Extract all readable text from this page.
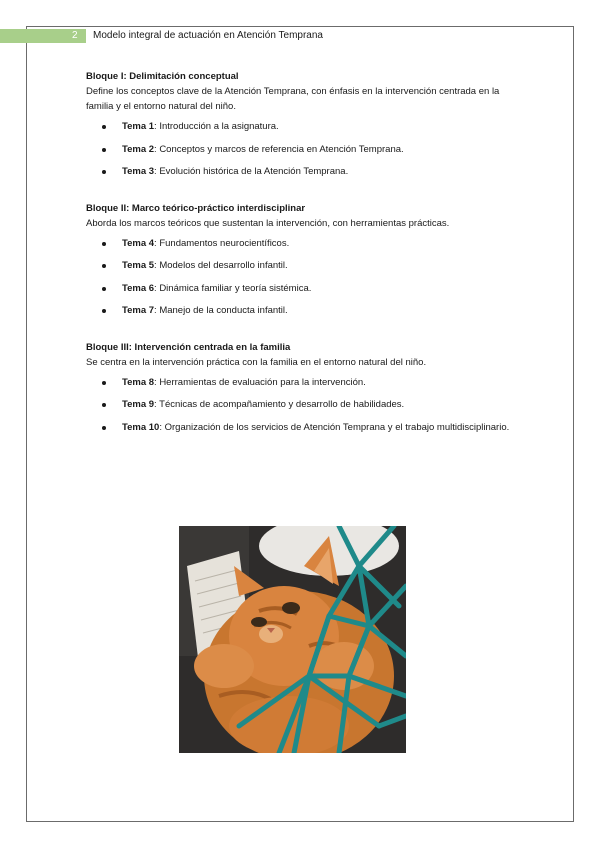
2 Modelo integral de actuación en Atención Temprana
Bloque I: Delimitación conceptual

Define los conceptos clave de la Atención Temprana, con énfasis en la intervención centrada en la familia y el entorno natural del niño.

Tema 1: Introducción a la asignatura.
Tema 2: Conceptos y marcos de referencia en Atención Temprana.
Tema 3: Evolución histórica de la Atención Temprana.
Bloque II: Marco teórico-práctico interdisciplinar

Aborda los marcos teóricos que sustentan la intervención, con herramientas prácticas.

Tema 4: Fundamentos neurocientíficos.
Tema 5: Modelos del desarrollo infantil.
Tema 6: Dinámica familiar y teoría sistémica.
Tema 7: Manejo de la conducta infantil.
Bloque III: Intervención centrada en la familia

Se centra en la intervención práctica con la familia en el entorno natural del niño.

Tema 8: Herramientas de evaluación para la intervención.
Tema 9: Técnicas de acompañamiento y desarrollo de habilidades.
Tema 10: Organización de los servicios de Atención Temprana y el trabajo multidisciplinario.
